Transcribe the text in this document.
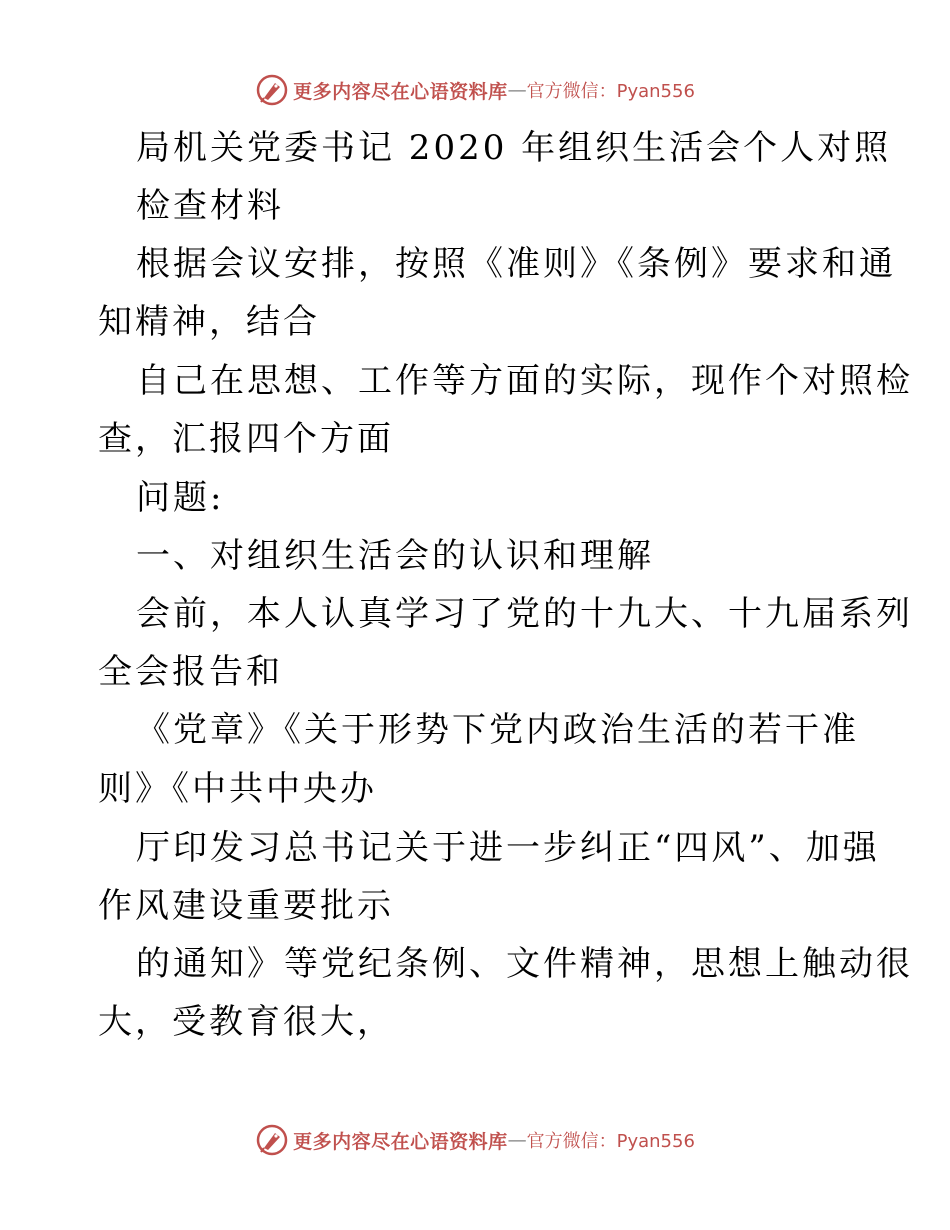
更多内容尽在心语资料库 — 官方微信：Pyan556
局机关党委书记 2020 年组织生活会个人对照
检查材料
根据会议安排，按照《准则》《条例》要求和通
知精神，结合
自己在思想、工作等方面的实际，现作个对照检
查，汇报四个方面
问题:
一、对组织生活会的认识和理解
会前，本人认真学习了党的十九大、十九届系列
全会报告和
《党章》《关于形势下党内政治生活的若干准
则》《中共中央办
厅印发习总书记关于进一步纠正“四风”、加强
作风建设重要批示
的通知》等党纪条例、文件精神，思想上触动很
大，受教育很大，
更多内容尽在心语资料库 — 官方微信：Pyan556
